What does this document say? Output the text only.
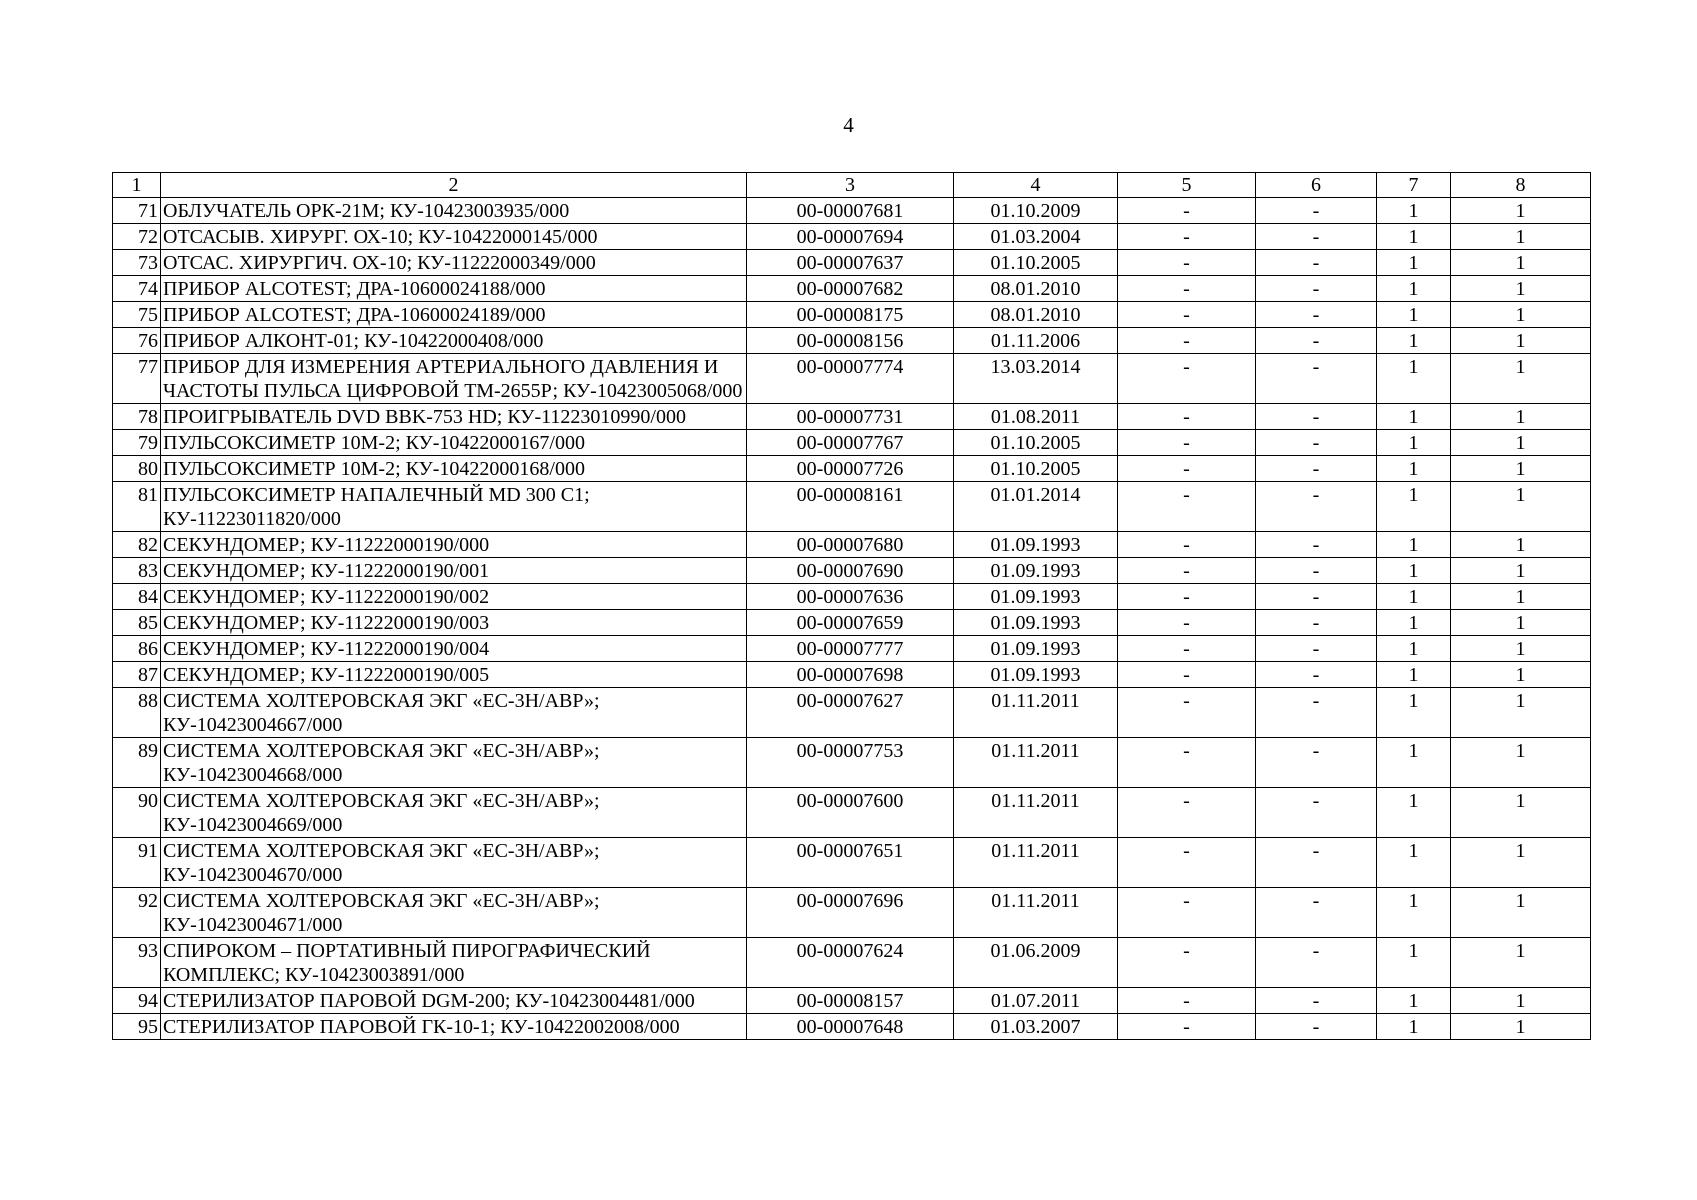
4
1	2	3	4	5	6	7	8
71	ОБЛУЧАТЕЛЬ ОРК-21М; КУ-10423003935/000	00-00007681	01.10.2009	-	-	1	1
72	ОТСАСЫВ. ХИРУРГ. ОХ-10; КУ-10422000145/000	00-00007694	01.03.2004	-	-	1	1
73	ОТСАС. ХИРУРГИЧ. ОХ-10; КУ-11222000349/000	00-00007637	01.10.2005	-	-	1	1
74	ПРИБОР ALCOTEST; ДРА-10600024188/000	00-00007682	08.01.2010	-	-	1	1
75	ПРИБОР ALCOTEST; ДРА-10600024189/000	00-00008175	08.01.2010	-	-	1	1
76	ПРИБОР АЛКОНТ-01; КУ-10422000408/000	00-00008156	01.11.2006	-	-	1	1
77	ПРИБОР ДЛЯ ИЗМЕРЕНИЯ АРТЕРИАЛЬНОГО ДАВЛЕНИЯ И ЧАСТОТЫ ПУЛЬСА ЦИФРОВОЙ ТМ-2655Р; КУ-10423005068/000	00-00007774	13.03.2014	-	-	1	1
78	ПРОИГРЫВАТЕЛЬ DVD BBK-753 HD; КУ-11223010990/000	00-00007731	01.08.2011	-	-	1	1
79	ПУЛЬСОКСИМЕТР 10М-2; КУ-10422000167/000	00-00007767	01.10.2005	-	-	1	1
80	ПУЛЬСОКСИМЕТР 10М-2; КУ-10422000168/000	00-00007726	01.10.2005	-	-	1	1
81	ПУЛЬСОКСИМЕТР НАПАЛЕЧНЫЙ MD 300 C1; КУ-11223011820/000	00-00008161	01.01.2014	-	-	1	1
82	СЕКУНДОМЕР; КУ-11222000190/000	00-00007680	01.09.1993	-	-	1	1
83	СЕКУНДОМЕР; КУ-11222000190/001	00-00007690	01.09.1993	-	-	1	1
84	СЕКУНДОМЕР; КУ-11222000190/002	00-00007636	01.09.1993	-	-	1	1
85	СЕКУНДОМЕР; КУ-11222000190/003	00-00007659	01.09.1993	-	-	1	1
86	СЕКУНДОМЕР; КУ-11222000190/004	00-00007777	01.09.1993	-	-	1	1
87	СЕКУНДОМЕР; КУ-11222000190/005	00-00007698	01.09.1993	-	-	1	1
88	СИСТЕМА ХОЛТЕРОВСКАЯ ЭКГ «ЕС-3Н/АВР»; КУ-10423004667/000	00-00007627	01.11.2011	-	-	1	1
89	СИСТЕМА ХОЛТЕРОВСКАЯ ЭКГ «ЕС-3Н/АВР»; КУ-10423004668/000	00-00007753	01.11.2011	-	-	1	1
90	СИСТЕМА ХОЛТЕРОВСКАЯ ЭКГ «ЕС-3Н/АВР»; КУ-10423004669/000	00-00007600	01.11.2011	-	-	1	1
91	СИСТЕМА ХОЛТЕРОВСКАЯ ЭКГ «ЕС-3Н/АВР»; КУ-10423004670/000	00-00007651	01.11.2011	-	-	1	1
92	СИСТЕМА ХОЛТЕРОВСКАЯ ЭКГ «ЕС-3Н/АВР»; КУ-10423004671/000	00-00007696	01.11.2011	-	-	1	1
93	СПИРОКОМ – ПОРТАТИВНЫЙ ПИРОГРАФИЧЕСКИЙ КОМПЛЕКС; КУ-10423003891/000	00-00007624	01.06.2009	-	-	1	1
94	СТЕРИЛИЗАТОР ПАРОВОЙ DGM-200; КУ-10423004481/000	00-00008157	01.07.2011	-	-	1	1
95	СТЕРИЛИЗАТОР ПАРОВОЙ ГК-10-1; КУ-10422002008/000	00-00007648	01.03.2007	-	-	1	1
